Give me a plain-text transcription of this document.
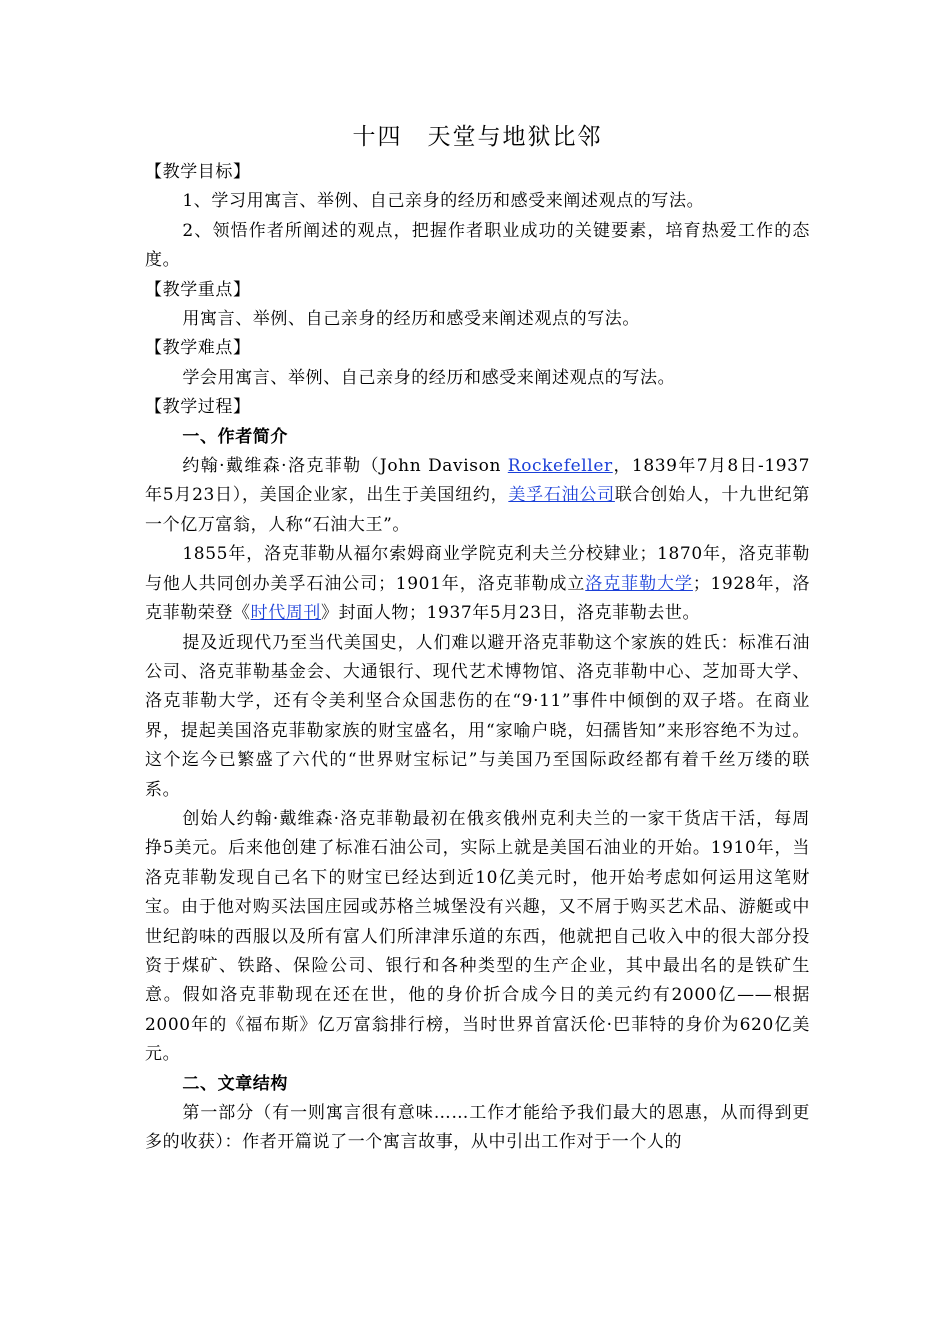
十四　天堂与地狱比邻

【教学目标】

1、学习用寓言、举例、自己亲身的经历和感受来阐述观点的写法。

2、领悟作者所阐述的观点，把握作者职业成功的关键要素，培育热爱工作的态度。

【教学重点】

用寓言、举例、自己亲身的经历和感受来阐述观点的写法。

【教学难点】

学会用寓言、举例、自己亲身的经历和感受来阐述观点的写法。

【教学过程】

一、作者简介

约翰·戴维森·洛克菲勒（John Davison Rockefeller，1839年7月8日-1937年5月23日），美国企业家，出生于美国纽约，美孚石油公司联合创始人，十九世纪第一个亿万富翁，人称“石油大王”。

1855年，洛克菲勒从福尔索姆商业学院克利夫兰分校肄业；1870年，洛克菲勒与他人共同创办美孚石油公司；1901年，洛克菲勒成立洛克菲勒大学；1928年，洛克菲勒荣登《时代周刊》封面人物；1937年5月23日，洛克菲勒去世。

提及近现代乃至当代美国史，人们难以避开洛克菲勒这个家族的姓氏：标准石油公司、洛克菲勒基金会、大通银行、现代艺术博物馆、洛克菲勒中心、芝加哥大学、洛克菲勒大学，还有令美利坚合众国悲伤的在“9·11”事件中倾倒的双子塔。在商业界，提起美国洛克菲勒家族的财宝盛名，用“家喻户晓，妇孺皆知”来形容绝不为过。这个迄今已繁盛了六代的“世界财宝标记”与美国乃至国际政经都有着千丝万缕的联系。

创始人约翰·戴维森·洛克菲勒最初在俄亥俄州克利夫兰的一家干货店干活，每周挣5美元。后来他创建了标准石油公司，实际上就是美国石油业的开始。1910年，当洛克菲勒发现自己名下的财宝已经达到近10亿美元时，他开始考虑如何运用这笔财宝。由于他对购买法国庄园或苏格兰城堡没有兴趣，又不屑于购买艺术品、游艇或中世纪韵味的西服以及所有富人们所津津乐道的东西，他就把自己收入中的很大部分投资于煤矿、铁路、保险公司、银行和各种类型的生产企业，其中最出名的是铁矿生意。假如洛克菲勒现在还在世，他的身价折合成今日的美元约有2000亿——根据2000年的《福布斯》亿万富翁排行榜，当时世界首富沃伦·巴菲特的身价为620亿美元。

二、文章结构

第一部分（有一则寓言很有意味……工作才能给予我们最大的恩惠，从而得到更多的收获）：作者开篇说了一个寓言故事，从中引出工作对于一个人的
